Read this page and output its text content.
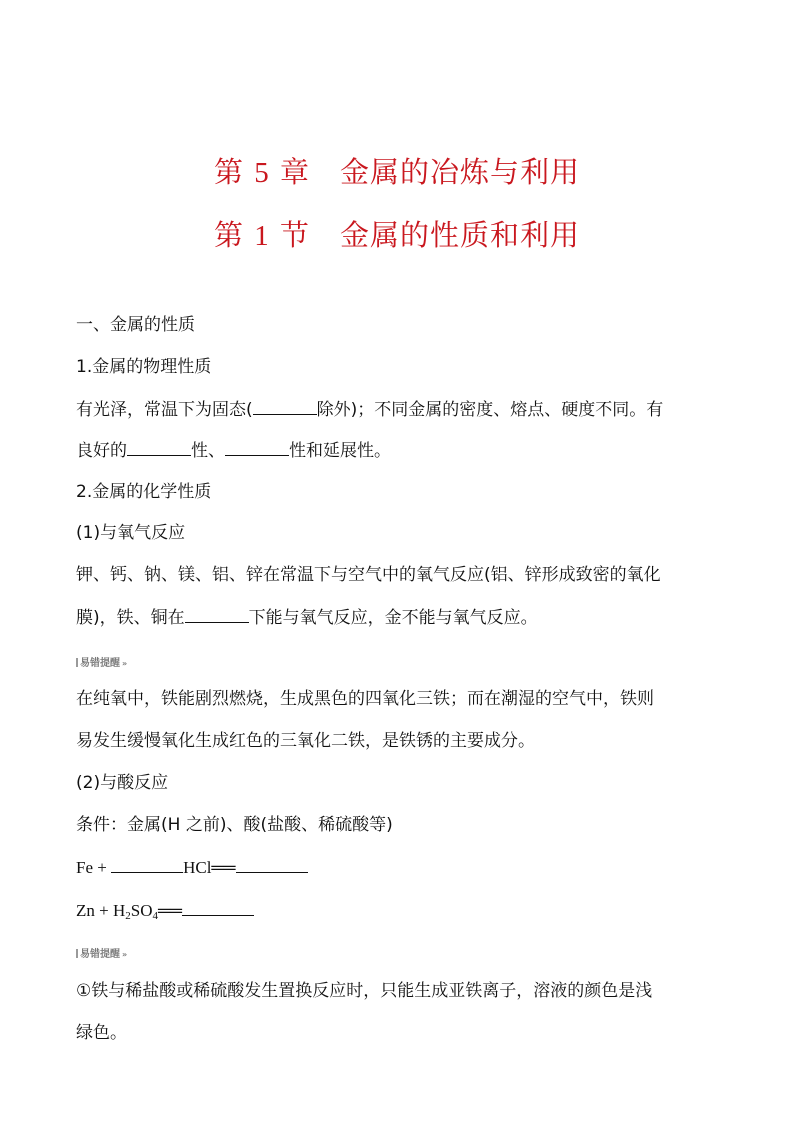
第 5 章 金属的冶炼与利用
第 1 节 金属的性质和利用
一、金属的性质
1.金属的物理性质
有光泽，常温下为固态(	除外)；不同金属的密度、熔点、硬度不同。有
良好的	性、	性和延展性。
2.金属的化学性质
(1)与氧气反应
钾、钙、钠、镁、铝、锌在常温下与空气中的氧气反应(铝、锌形成致密的氧化
膜)，铁、铜在	下能与氧气反应，金不能与氧气反应。
易错提醒 »
在纯氧中，铁能剧烈燃烧，生成黑色的四氧化三铁；而在潮湿的空气中，铁则
易发生缓慢氧化生成红色的三氧化二铁，是铁锈的主要成分。
(2)与酸反应
条件：金属(H 之前)、酸(盐酸、稀硫酸等)
Fe +	HCl══
$Zn + H_2SO_4══$
易错提醒 »
①铁与稀盐酸或稀硫酸发生置换反应时，只能生成亚铁离子，溶液的颜色是浅
绿色。
